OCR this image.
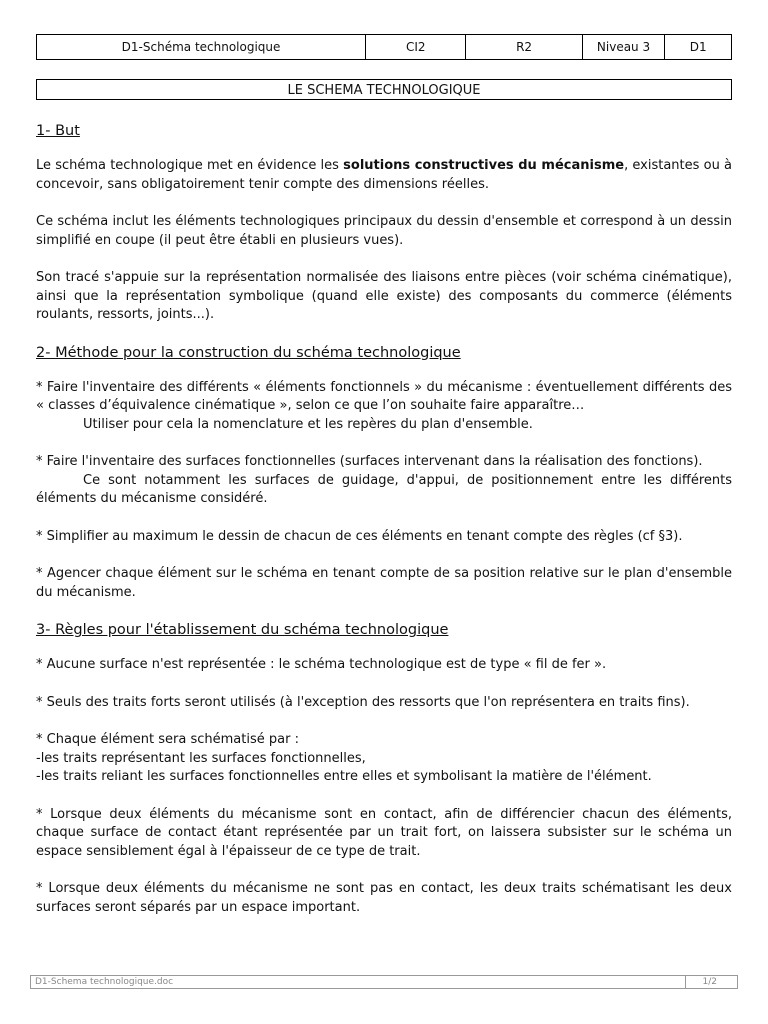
D1-Schéma technologique	CI2	R2	Niveau 3	D1
LE SCHEMA TECHNOLOGIQUE
1- But

Le schéma technologique met en évidence les solutions constructives du mécanisme, existantes ou à concevoir, sans obligatoirement tenir compte des dimensions réelles.

Ce schéma inclut les éléments technologiques principaux du dessin d'ensemble et correspond à un dessin simplifié en coupe (il peut être établi en plusieurs vues).

Son tracé s'appuie sur la représentation normalisée des liaisons entre pièces (voir schéma cinématique), ainsi que la représentation symbolique (quand elle existe) des composants du commerce (éléments roulants, ressorts, joints...).

2- Méthode pour la construction du schéma technologique

* Faire l'inventaire des différents « éléments fonctionnels » du mécanisme : éventuellement différents des « classes d’équivalence cinématique », selon ce que l’on souhaite faire apparaître…

Utiliser pour cela la nomenclature et les repères du plan d'ensemble.

* Faire l'inventaire des surfaces fonctionnelles (surfaces intervenant dans la réalisation des fonctions).

Ce sont notamment les surfaces de guidage, d'appui, de positionnement entre les différents éléments du mécanisme considéré.

* Simplifier au maximum le dessin de chacun de ces éléments en tenant compte des règles (cf §3).

* Agencer chaque élément sur le schéma en tenant compte de sa position relative sur le plan d'ensemble du mécanisme.

3- Règles pour l'établissement du schéma technologique

* Aucune surface n'est représentée : le schéma technologique est de type « fil de fer ».

* Seuls des traits forts seront utilisés (à l'exception des ressorts que l'on représentera en traits fins).

* Chaque élément sera schématisé par :

-les traits représentant les surfaces fonctionnelles,

-les traits reliant les surfaces fonctionnelles entre elles et symbolisant la matière de l'élément.

* Lorsque deux éléments du mécanisme sont en contact, afin de différencier chacun des éléments, chaque surface de contact étant représentée par un trait fort, on laissera subsister sur le schéma un espace sensiblement égal à l'épaisseur de ce type de trait.

* Lorsque deux éléments du mécanisme ne sont pas en contact, les deux traits schématisant les deux surfaces seront séparés par un espace important.

D1-Schema technologique.doc	1/2
